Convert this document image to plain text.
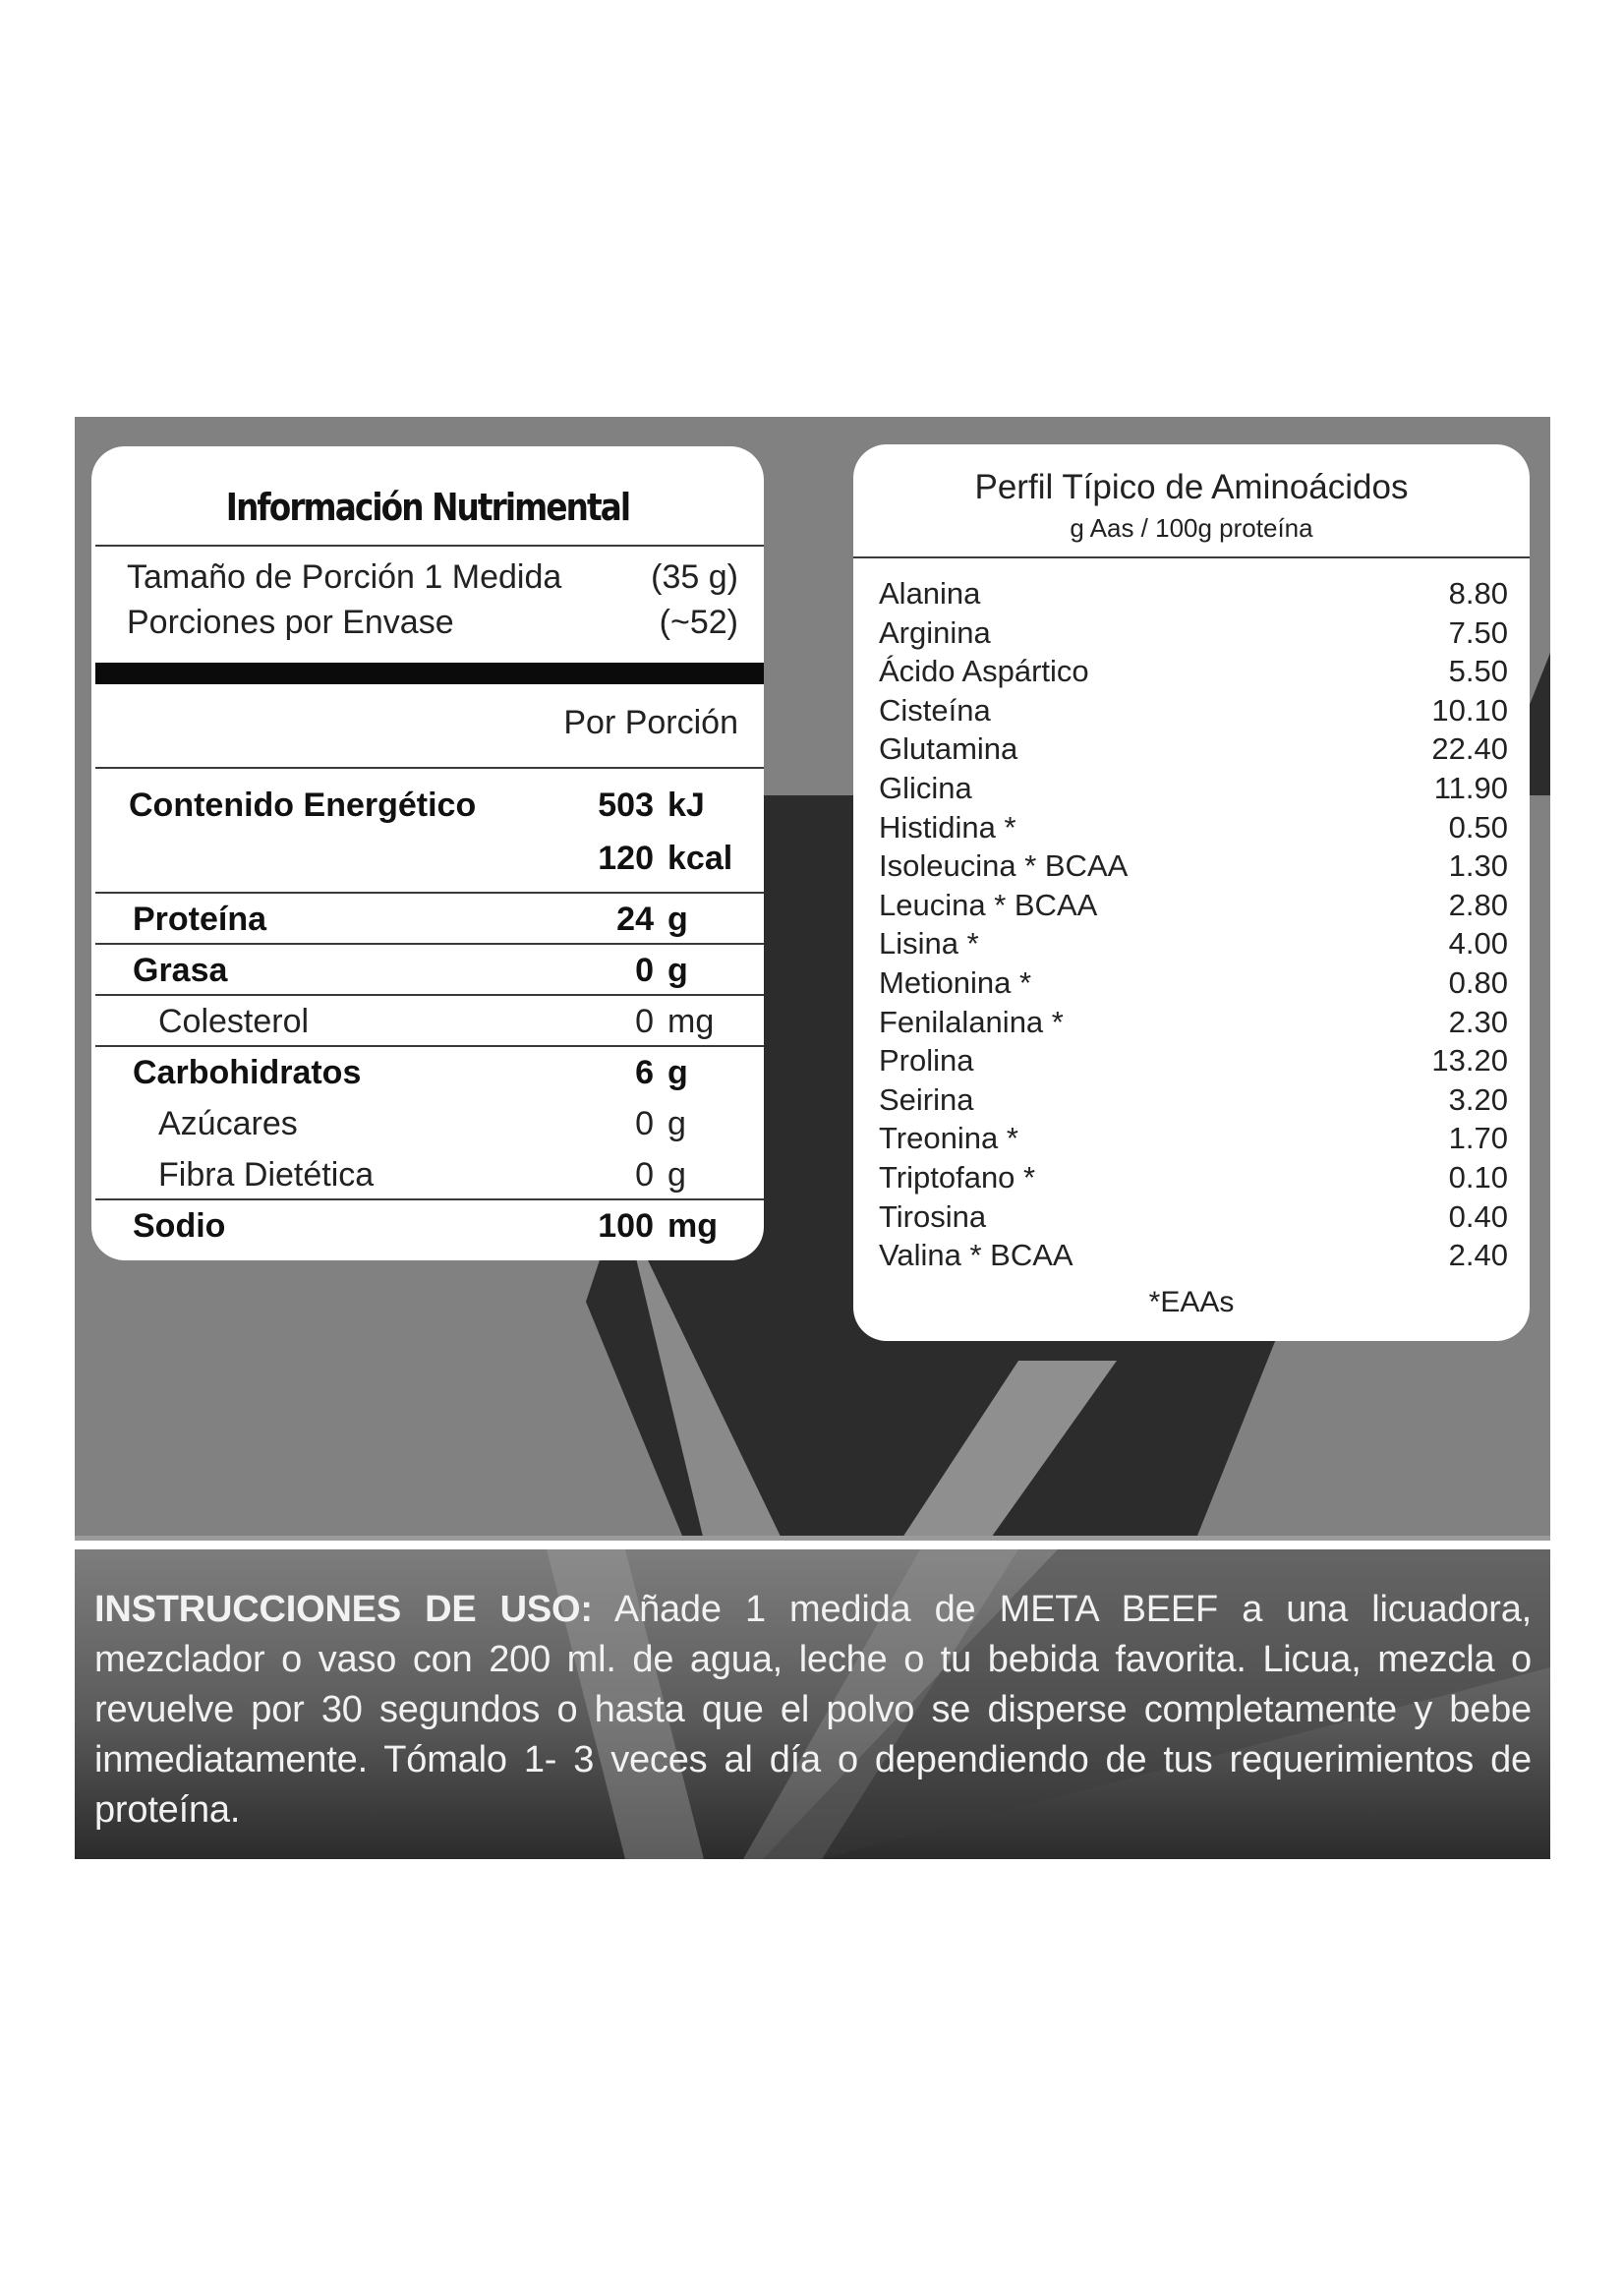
INSTRUCCIONES DE USO: Añade 1 medida de META BEEF a una licuadora, mezclador o vaso con 200 ml. de agua, leche o tu bebida favorita. Licua, mezcla o revuelve por 30 segundos o hasta que el polvo se disperse completamente y bebe inmediatamente. Tómalo 1- 3 veces al día o dependiendo de tus requerimientos de proteína.
Información Nutrimental
Tamaño de Porción 1 Medida	(35 g)
Porciones por Envase	(~52)
Por Porción
Contenido Energético	503 kJ
120 kcal
Proteína	24 g
Grasa	0 g
Colesterol	0 mg
Carbohidratos	6 g
Azúcares	0 g
Fibra Dietética	0 g
Sodio	100 mg
Perfil Típico de Aminoácidos
g Aas / 100g proteína
Alanina	8.80
Arginina	7.50
Ácido Aspártico	5.50
Cisteína	10.10
Glutamina	22.40
Glicina	11.90
Histidina *	0.50
Isoleucina * BCAA	1.30
Leucina * BCAA	2.80
Lisina *	4.00
Metionina *	0.80
Fenilalanina *	2.30
Prolina	13.20
Seirina	3.20
Treonina *	1.70
Triptofano *	0.10
Tirosina	0.40
Valina * BCAA	2.40
*EAAs
